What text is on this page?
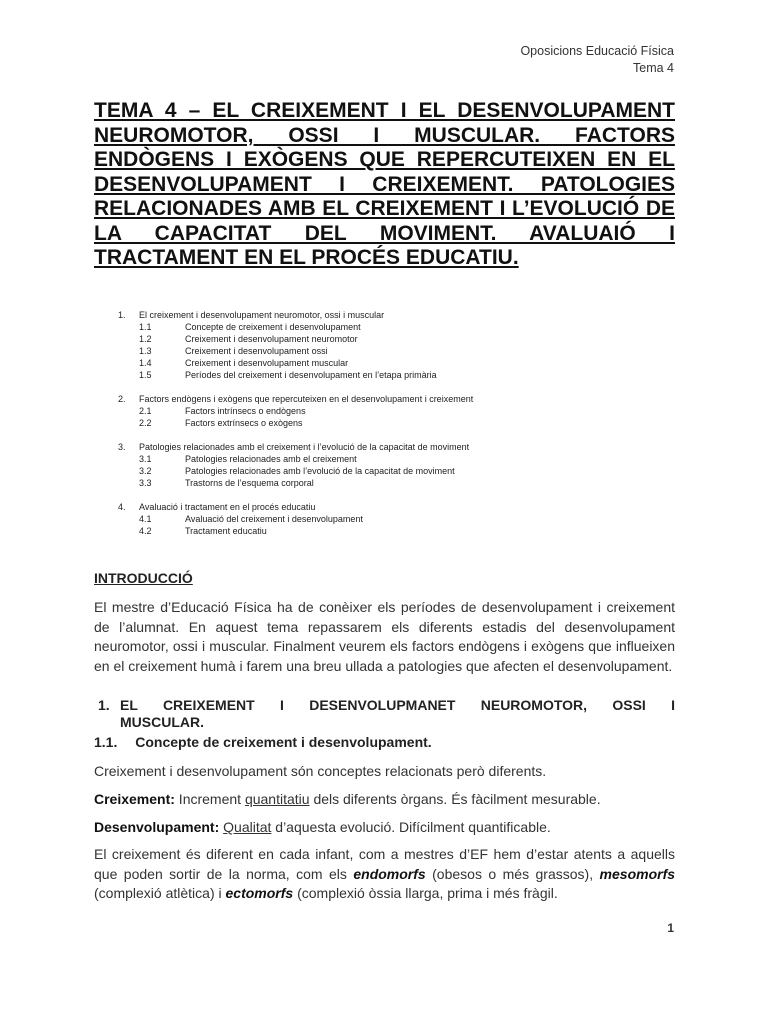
Oposicions Educació Física
Tema 4
TEMA 4 – EL CREIXEMENT I EL DESENVOLUPAMENT NEUROMOTOR, OSSI I MUSCULAR. FACTORS ENDÒGENS I EXÒGENS QUE REPERCUTEIXEN EN EL DESENVOLUPAMENT I CREIXEMENT. PATOLOGIES RELACIONADES AMB EL CREIXEMENT I L’EVOLUCIÓ DE LA CAPACITAT DEL MOVIMENT. AVALUAIÓ I
TRACTAMENT EN EL PROCÉS EDUCATIU.
1. El creixement i desenvolupament neuromotor, ossi i muscular
1.1	Concepte de creixement i desenvolupament
1.2	Creixement i desenvolupament neuromotor
1.3	Creixement i desenvolupament ossi
1.4	Creixement i desenvolupament muscular
1.5	Períodes del creixement i desenvolupament en l’etapa primària
2. Factors endògens i exògens que repercuteixen en el desenvolupament i creixement
2.1	Factors intrínsecs o endògens
2.2	Factors extrínsecs o exògens
3. Patologies relacionades amb el creixement i l’evolució de la capacitat de moviment
3.1	Patologies relacionades amb el creixement
3.2	Patologies relacionades amb l’evolució de la capacitat de moviment
3.3	Trastorns de l’esquema corporal
4. Avaluació i tractament en el procés educatiu
4.1	Avaluació del creixement i desenvolupament
4.2	Tractament educatiu
INTRODUCCIÓ
El mestre d’Educació Física ha de conèixer els períodes de desenvolupament i creixement de l’alumnat. En aquest tema repassarem els diferents estadis del desenvolupament neuromotor, ossi i muscular. Finalment veurem els factors endògens i exògens que influeixen en el creixement humà i farem una breu ullada a patologies que afecten el desenvolupament.
1. EL CREIXEMENT I DESENVOLUPMANET NEUROMOTOR, OSSI I
MUSCULAR.
1.1. Concepte de creixement i desenvolupament.
Creixement i desenvolupament són conceptes relacionats però diferents.
Creixement: Increment quantitatiu dels diferents òrgans. És fàcilment mesurable.
Desenvolupament: Qualitat d’aquesta evolució. Difícilment quantificable.
El creixement és diferent en cada infant, com a mestres d’EF hem d’estar atents a aquells que poden sortir de la norma, com els endomorfs (obesos o més grassos), mesomorfs (complexió atlètica) i ectomorfs (complexió òssia llarga, prima i més fràgil.
1
